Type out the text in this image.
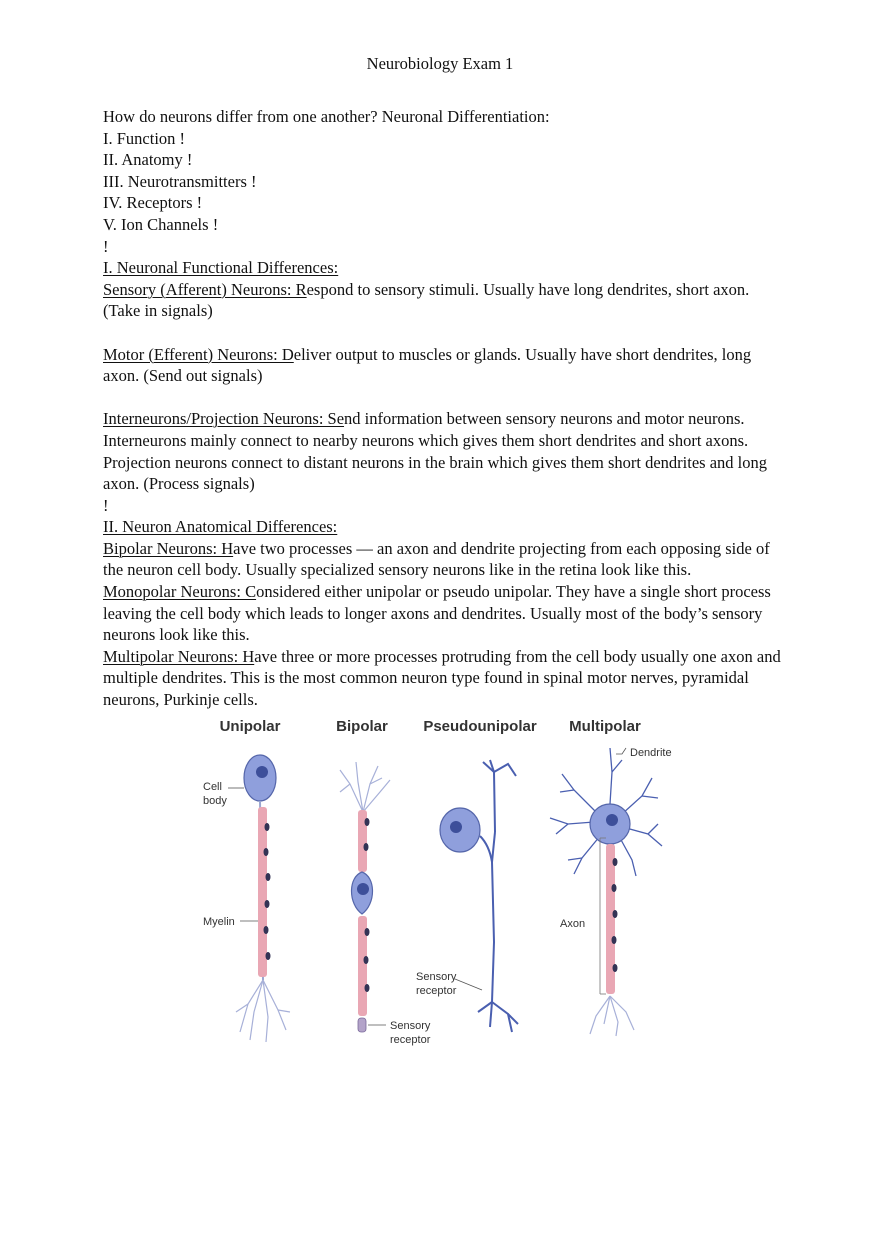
Neurobiology Exam 1
How do neurons differ from one another? Neuronal Differentiation:
I. Function !
II. Anatomy !
III. Neurotransmitters !
IV. Receptors !
V. Ion Channels !
!
I. Neuronal Functional Differences:
Sensory (Afferent) Neurons: Respond to sensory stimuli. Usually have long dendrites, short axon. (Take in signals)
Motor (Efferent) Neurons: Deliver output to muscles or glands. Usually have short dendrites, long axon. (Send out signals)
Interneurons/Projection Neurons: Send information between sensory neurons and motor neurons. Interneurons mainly connect to nearby neurons which gives them short dendrites and short axons. Projection neurons connect to distant neurons in the brain which gives them short dendrites and long axon. (Process signals)
!
II. Neuron Anatomical Differences:
Bipolar Neurons: Have two processes — an axon and dendrite projecting from each opposing side of the neuron cell body. Usually specialized sensory neurons like in the retina look like this.
Monopolar Neurons: Considered either unipolar or pseudo unipolar. They have a single short process leaving the cell body which leads to longer axons and dendrites. Usually most of the body’s sensory neurons look like this.
Multipolar Neurons: Have three or more processes protruding from the cell body usually one axon and multiple dendrites. This is the most common neuron type found in spinal motor nerves, pyramidal neurons, Purkinje cells.
Unipolar	Bipolar Pseudounipolar Multipolar
Cell
body
Myelin
Sensory
receptor
Sensory
receptor
Axon
Dendrite
